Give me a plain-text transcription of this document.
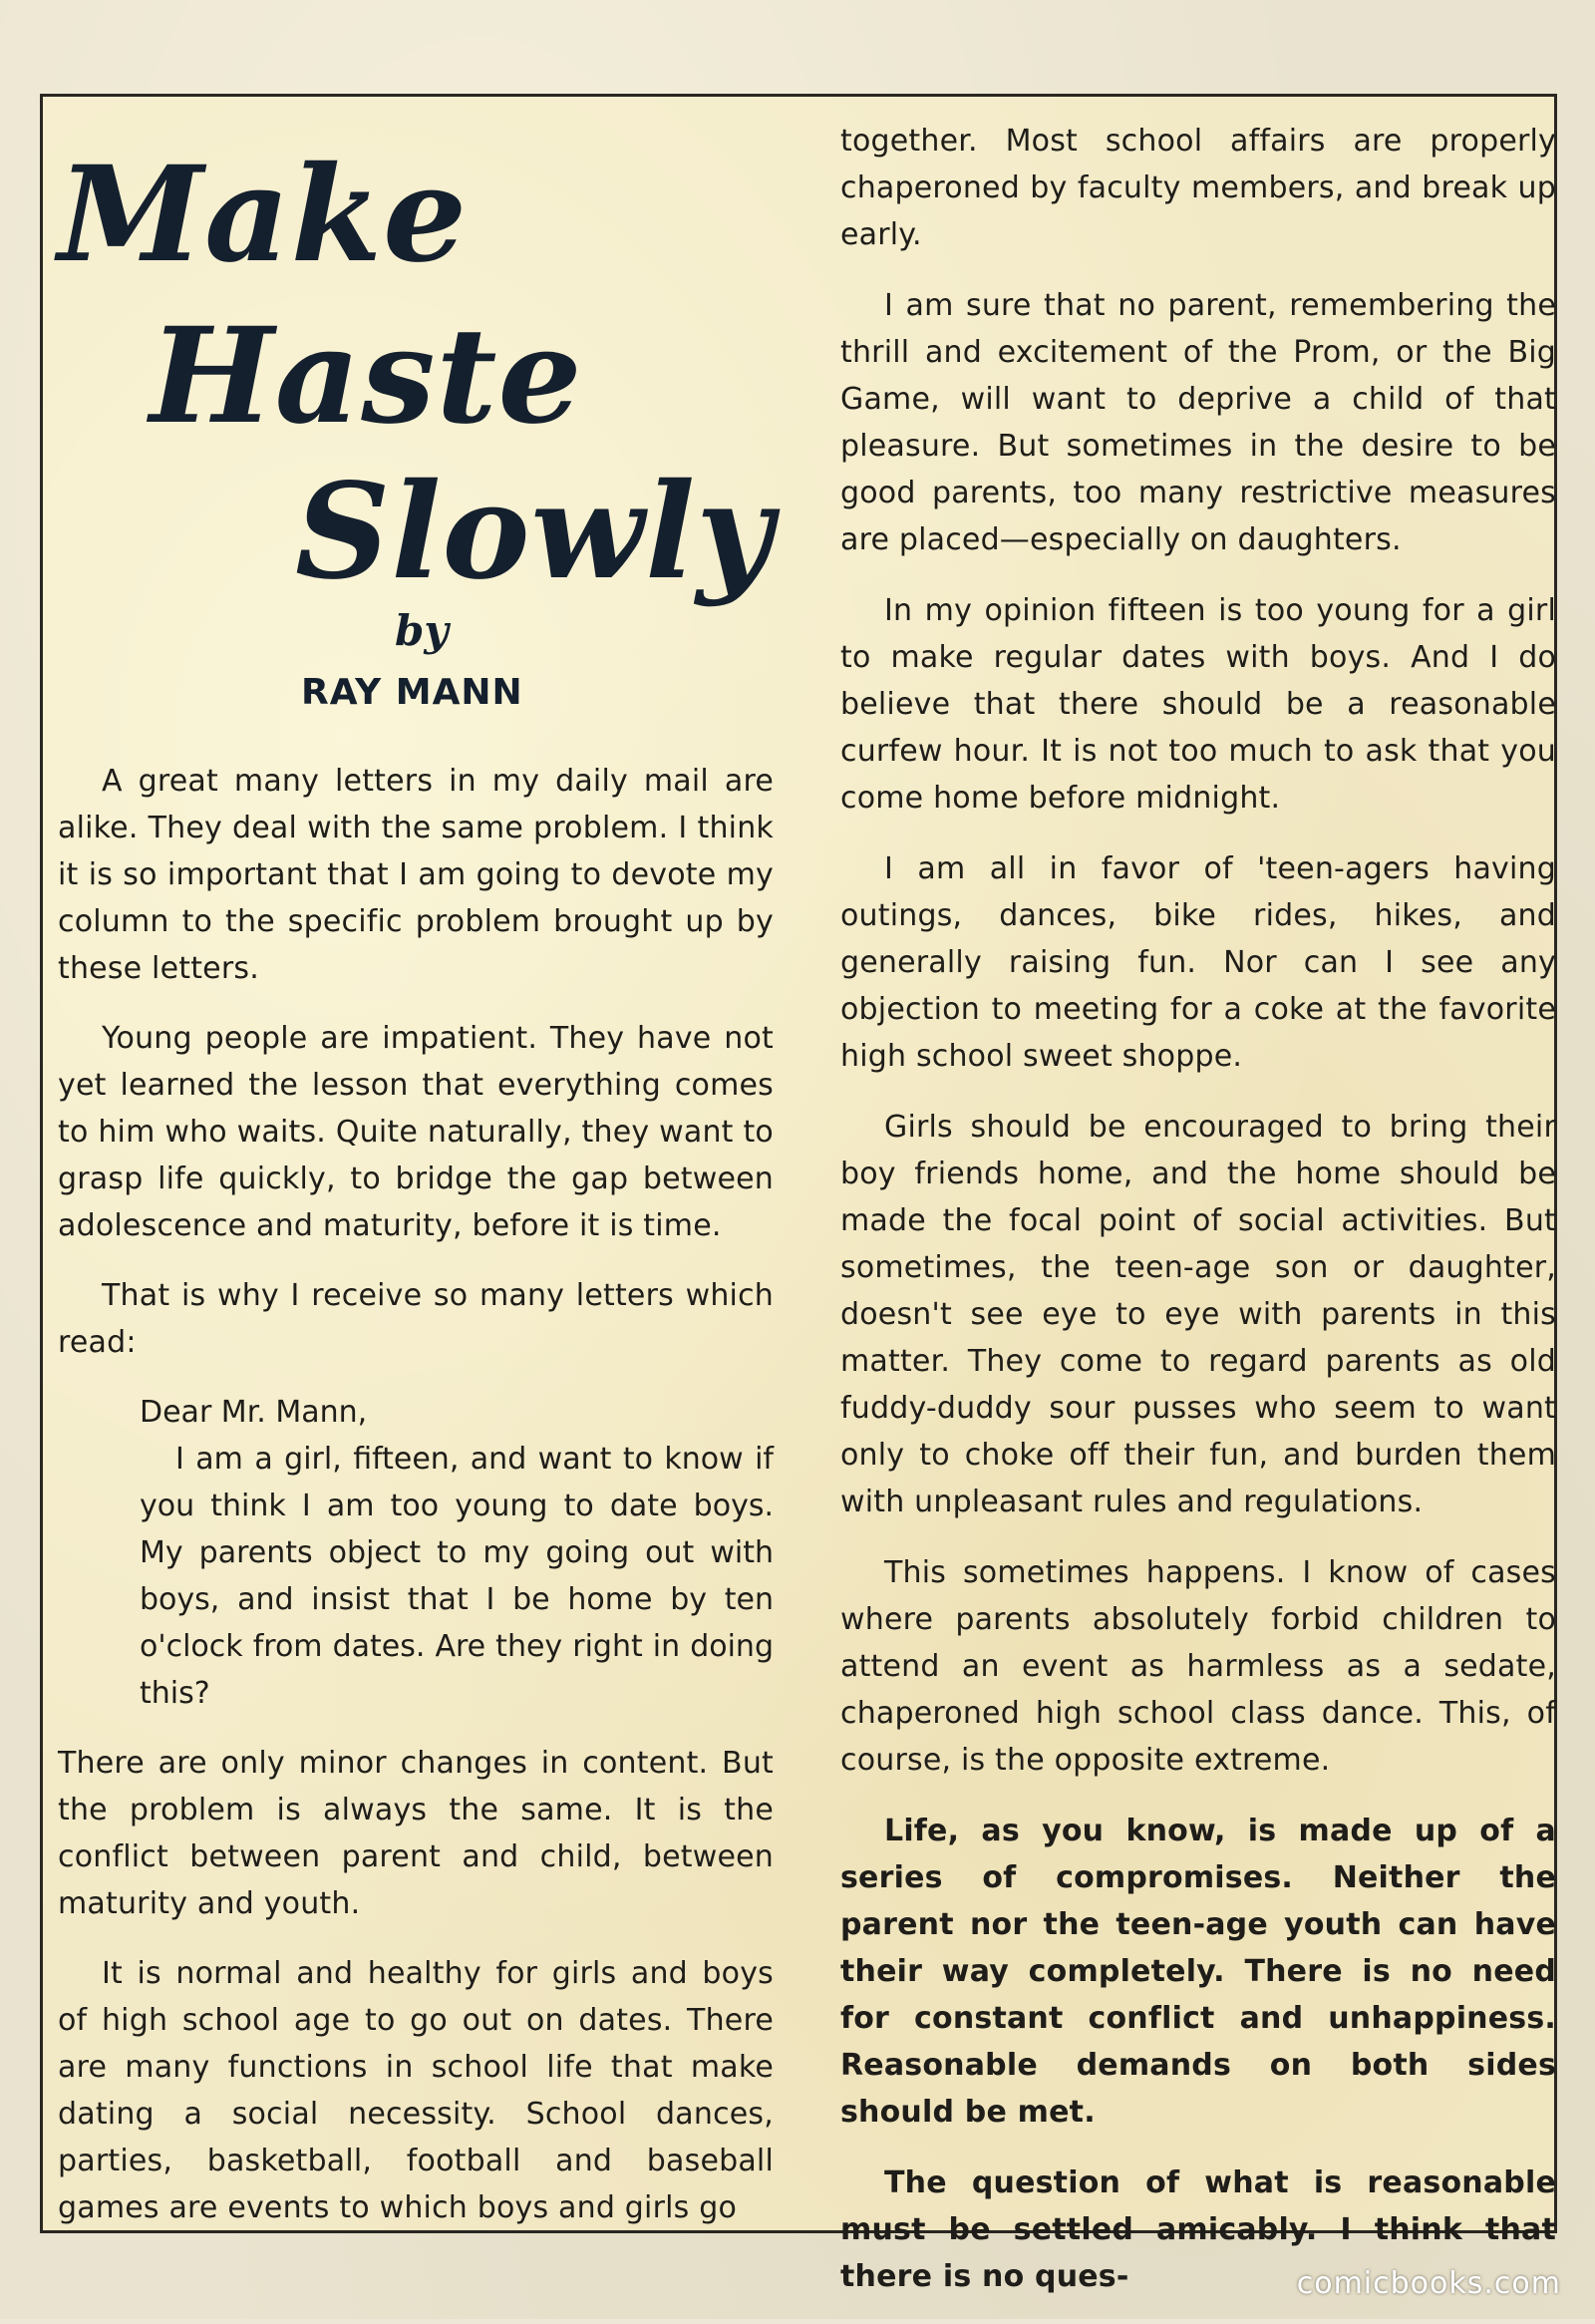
Make
Haste
Slowly
by
RAY MANN

A great many letters in my daily mail are alike. They deal with the same problem. I think it is so important that I am going to devote my column to the specific problem brought up by these letters.

Young people are impatient. They have not yet learned the lesson that everything comes to him who waits. Quite naturally, they want to grasp life quickly, to bridge the gap between adolescence and maturity, before it is time.

That is why I receive so many letters which read:

Dear Mr. Mann,
I am a girl, fifteen, and want to know if you think I am too young to date boys. My parents object to my going out with boys, and insist that I be home by ten o'clock from dates. Are they right in doing this?

There are only minor changes in content. But the problem is always the same. It is the conflict between parent and child, between maturity and youth.

It is normal and healthy for girls and boys of high school age to go out on dates. There are many functions in school life that make dating a social necessity. School dances, parties, basketball, football and baseball games are events to which boys and girls go

together. Most school affairs are properly chaperoned by faculty members, and break up early.

I am sure that no parent, remembering the thrill and excitement of the Prom, or the Big Game, will want to deprive a child of that pleasure. But sometimes in the desire to be good parents, too many restrictive measures are placed—especially on daughters.

In my opinion fifteen is too young for a girl to make regular dates with boys. And I do believe that there should be a reasonable curfew hour. It is not too much to ask that you come home before midnight.

I am all in favor of 'teen-agers having outings, dances, bike rides, hikes, and generally raising fun. Nor can I see any objection to meeting for a coke at the favorite high school sweet shoppe.

Girls should be encouraged to bring their boy friends home, and the home should be made the focal point of social activities. But sometimes, the teen-age son or daughter, doesn't see eye to eye with parents in this matter. They come to regard parents as old fuddy-duddy sour pusses who seem to want only to choke off their fun, and burden them with unpleasant rules and regulations.

This sometimes happens. I know of cases where parents absolutely forbid children to attend an event as harmless as a sedate, chaperoned high school class dance. This, of course, is the opposite extreme.

Life, as you know, is made up of a series of compromises. Neither the parent nor the teen-age youth can have their way completely. There is no need for constant conflict and unhappiness. Reasonable demands on both sides should be met.

The question of what is reasonable must be settled amicably. I think that there is no ques-	comicbooks.com
